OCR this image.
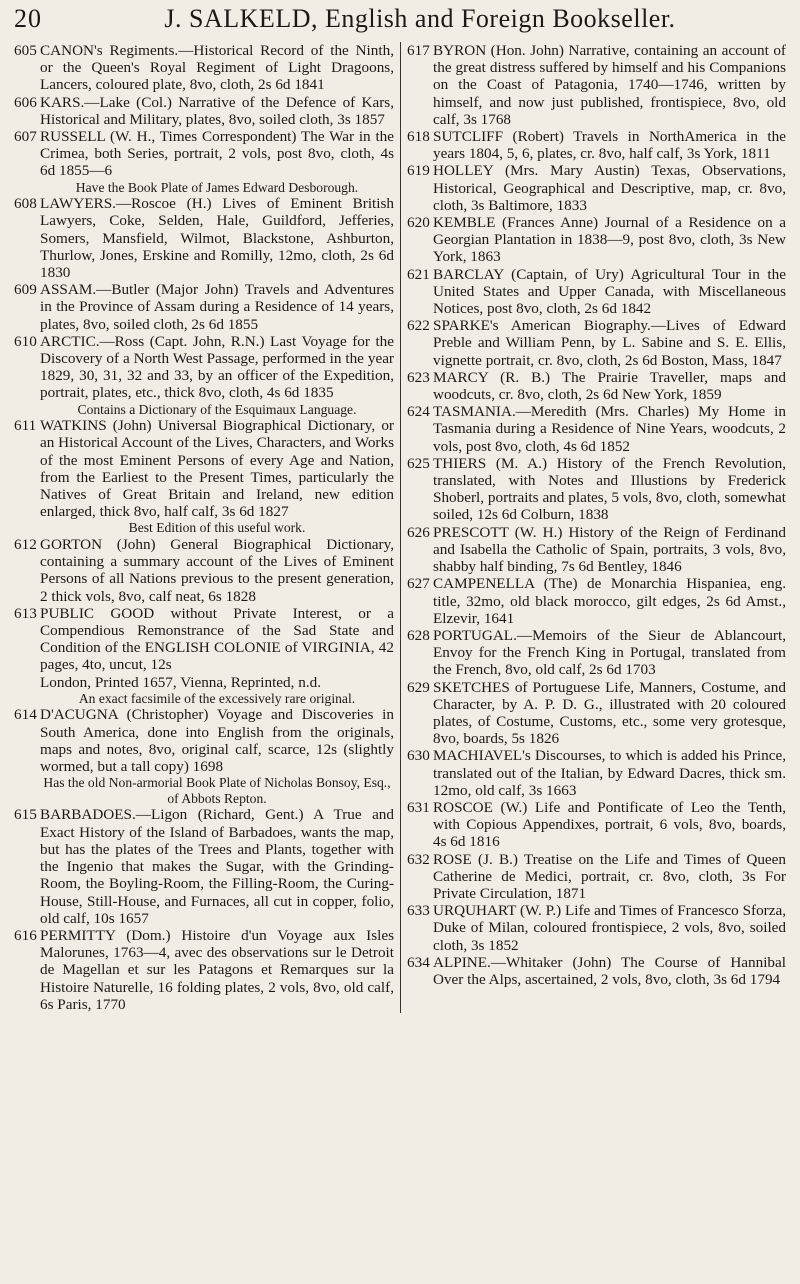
20	J. SALKELD, English and Foreign Bookseller.
605 CANON's Regiments.—Historical Record of the Ninth, or the Queen's Royal Regiment of Light Dragoons, Lancers, coloured plate, 8vo, cloth, 2s 6d 1841
606 KARS.—Lake (Col.) Narrative of the Defence of Kars, Historical and Military, plates, 8vo, soiled cloth, 3s 1857
607 RUSSELL (W. H., Times Correspondent) The War in the Crimea, both Series, portrait, 2 vols, post 8vo, cloth, 4s 6d 1855—6
Have the Book Plate of James Edward Desborough.
608 LAWYERS.—Roscoe (H.) Lives of Eminent British Lawyers, Coke, Selden, Hale, Guildford, Jefferies, Somers, Mansfield, Wilmot, Blackstone, Ashburton, Thurlow, Jones, Erskine and Romilly, 12mo, cloth, 2s 6d 1830
609 ASSAM.—Butler (Major John) Travels and Adventures in the Province of Assam during a Residence of 14 years, plates, 8vo, soiled cloth, 2s 6d 1855
610 ARCTIC.—Ross (Capt. John, R.N.) Last Voyage for the Discovery of a North West Passage, performed in the year 1829, 30, 31, 32 and 33, by an officer of the Expedition, portrait, plates, etc., thick 8vo, cloth, 4s 6d 1835
Contains a Dictionary of the Esquimaux Language.
611 WATKINS (John) Universal Biographical Dictionary, or an Historical Account of the Lives, Characters, and Works of the most Eminent Persons of every Age and Nation, from the Earliest to the Present Times, particularly the Natives of Great Britain and Ireland, new edition enlarged, thick 8vo, half calf, 3s 6d 1827
Best Edition of this useful work.
612 GORTON (John) General Biographical Dictionary, containing a summary account of the Lives of Eminent Persons of all Nations previous to the present generation, 2 thick vols, 8vo, calf neat, 6s 1828
613 PUBLIC GOOD without Private Interest, or a Compendious Remonstrance of the Sad State and Condition of the ENGLISH COLONIE of VIRGINIA, 42 pages, 4to, uncut, 12s
London, Printed 1657, Vienna, Reprinted, n.d.
An exact facsimile of the excessively rare original.
614 D'ACUGNA (Christopher) Voyage and Discoveries in South America, done into English from the originals, maps and notes, 8vo, original calf, scarce, 12s (slightly wormed, but a tall copy) 1698
Has the old Non-armorial Book Plate of Nicholas Bonsoy, Esq., of Abbots Repton.
615 BARBADOES.—Ligon (Richard, Gent.) A True and Exact History of the Island of Barbadoes, wants the map, but has the plates of the Trees and Plants, together with the Ingenio that makes the Sugar, with the Grinding-Room, the Boyling-Room, the Filling-Room, the Curing-House, Still-House, and Furnaces, all cut in copper, folio, old calf, 10s 1657
616 PERMITTY (Dom.) Histoire d'un Voyage aux Isles Malorunes, 1763—4, avec des observations sur le Detroit de Magellan et sur les Patagons et Remarques sur la Histoire Naturelle, 16 folding plates, 2 vols, 8vo, old calf, 6s Paris, 1770
617 BYRON (Hon. John) Narrative, containing an account of the great distress suffered by himself and his Companions on the Coast of Patagonia, 1740—1746, written by himself, and now just published, frontispiece, 8vo, old calf, 3s 1768
618 SUTCLIFF (Robert) Travels in NorthAmerica in the years 1804, 5, 6, plates, cr. 8vo, half calf, 3s York, 1811
619 HOLLEY (Mrs. Mary Austin) Texas, Observations, Historical, Geographical and Descriptive, map, cr. 8vo, cloth, 3s Baltimore, 1833
620 KEMBLE (Frances Anne) Journal of a Residence on a Georgian Plantation in 1838—9, post 8vo, cloth, 3s New York, 1863
621 BARCLAY (Captain, of Ury) Agricultural Tour in the United States and Upper Canada, with Miscellaneous Notices, post 8vo, cloth, 2s 6d 1842
622 SPARKE's American Biography.—Lives of Edward Preble and William Penn, by L. Sabine and S. E. Ellis, vignette portrait, cr. 8vo, cloth, 2s 6d Boston, Mass, 1847
623 MARCY (R. B.) The Prairie Traveller, maps and woodcuts, cr. 8vo, cloth, 2s 6d New York, 1859
624 TASMANIA.—Meredith (Mrs. Charles) My Home in Tasmania during a Residence of Nine Years, woodcuts, 2 vols, post 8vo, cloth, 4s 6d 1852
625 THIERS (M. A.) History of the French Revolution, translated, with Notes and Illustions by Frederick Shoberl, portraits and plates, 5 vols, 8vo, cloth, somewhat soiled, 12s 6d Colburn, 1838
626 PRESCOTT (W. H.) History of the Reign of Ferdinand and Isabella the Catholic of Spain, portraits, 3 vols, 8vo, shabby half binding, 7s 6d Bentley, 1846
627 CAMPENELLA (The) de Monarchia Hispaniea, eng. title, 32mo, old black morocco, gilt edges, 2s 6d Amst., Elzevir, 1641
628 PORTUGAL.—Memoirs of the Sieur de Ablancourt, Envoy for the French King in Portugal, translated from the French, 8vo, old calf, 2s 6d 1703
629 SKETCHES of Portuguese Life, Manners, Costume, and Character, by A. P. D. G., illustrated with 20 coloured plates, of Costume, Customs, etc., some very grotesque, 8vo, boards, 5s 1826
630 MACHIAVEL's Discourses, to which is added his Prince, translated out of the Italian, by Edward Dacres, thick sm. 12mo, old calf, 3s 1663
631 ROSCOE (W.) Life and Pontificate of Leo the Tenth, with Copious Appendixes, portrait, 6 vols, 8vo, boards, 4s 6d 1816
632 ROSE (J. B.) Treatise on the Life and Times of Queen Catherine de Medici, portrait, cr. 8vo, cloth, 3s For Private Circulation, 1871
633 URQUHART (W. P.) Life and Times of Francesco Sforza, Duke of Milan, coloured frontispiece, 2 vols, 8vo, soiled cloth, 3s 1852
634 ALPINE.—Whitaker (John) The Course of Hannibal Over the Alps, ascertained, 2 vols, 8vo, cloth, 3s 6d 1794
